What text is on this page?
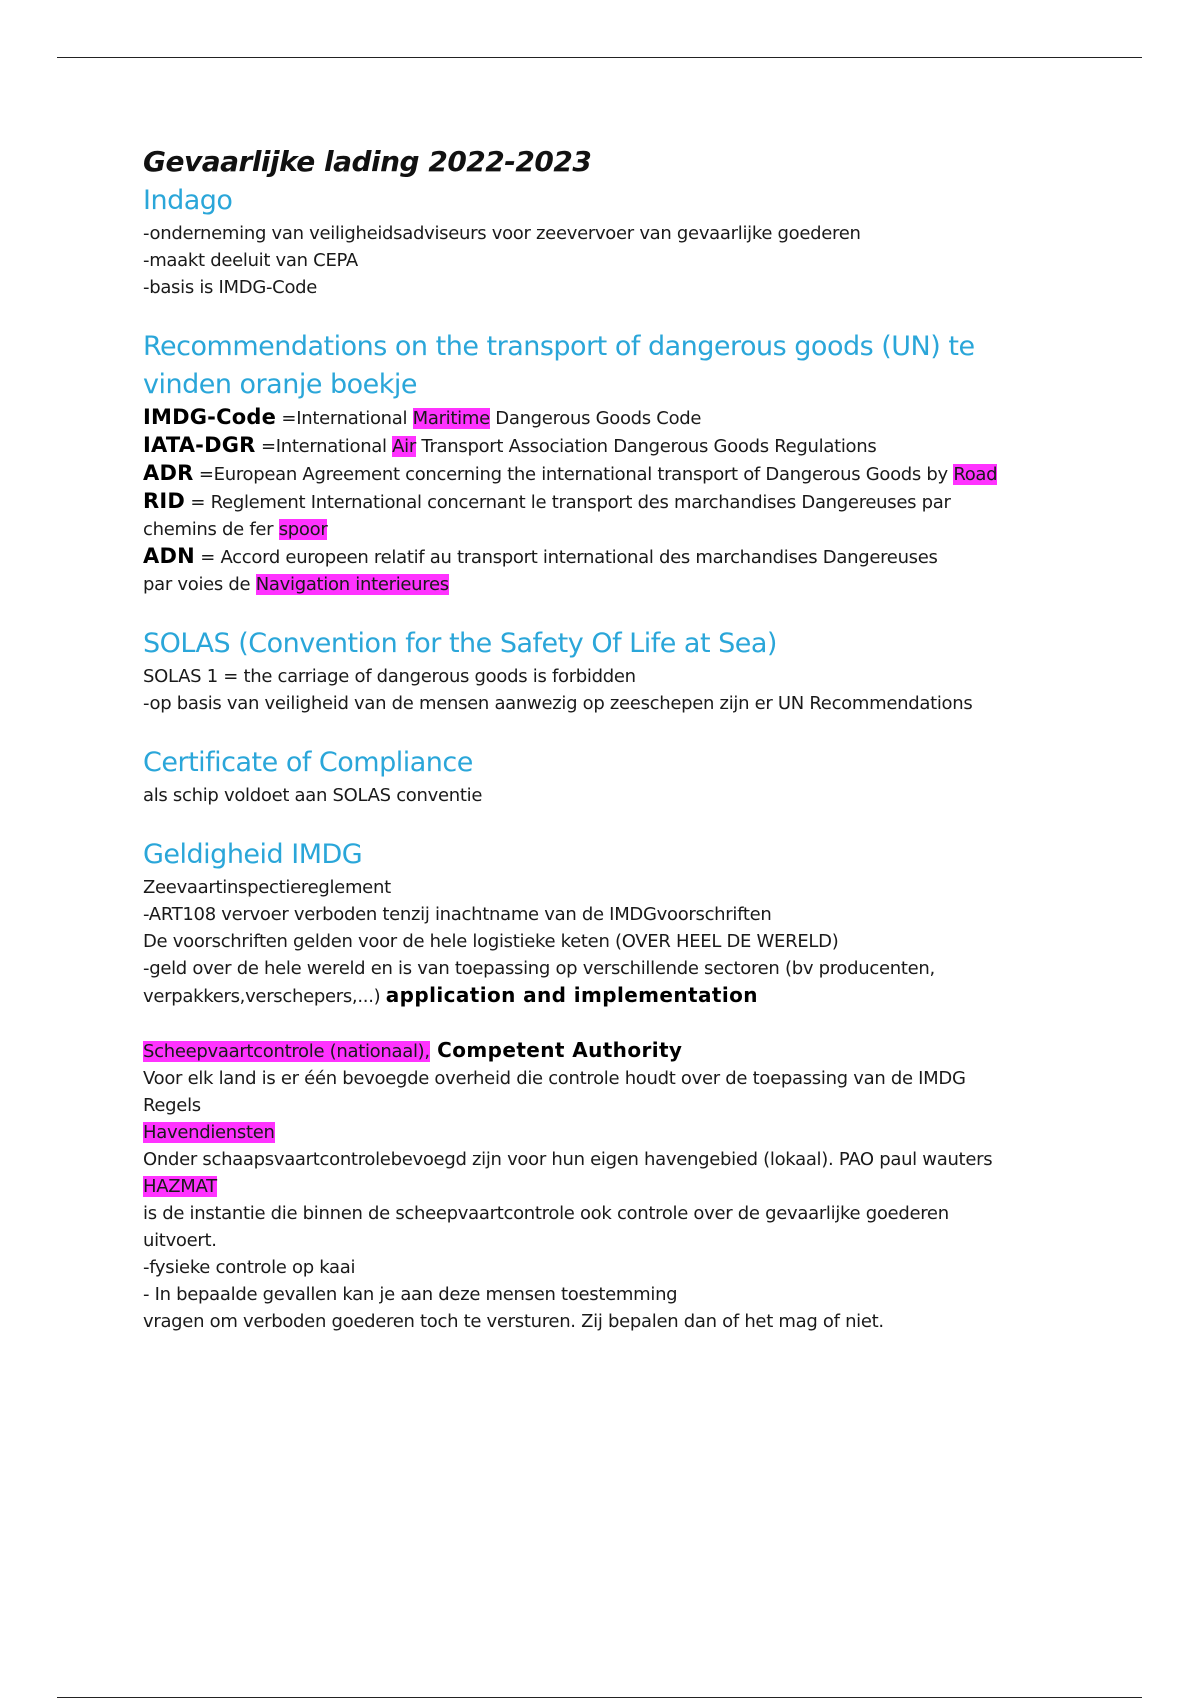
Gevaarlijke lading 2022-2023
Indago

-onderneming van veiligheidsadviseurs voor zeevervoer van gevaarlijke goederen

-maakt deeluit van CEPA

-basis is IMDG-Code

Recommendations on the transport of dangerous goods (UN) te
vinden oranje boekje

IMDG-Code =International Maritime Dangerous Goods Code

IATA-DGR =International Air Transport Association Dangerous Goods Regulations

ADR =European Agreement concerning the international transport of Dangerous Goods by Road

RID = Reglement International concernant le transport des marchandises Dangereuses par

chemins de fer spoor

ADN = Accord europeen relatif au transport international des marchandises Dangereuses

par voies de Navigation interieures

SOLAS (Convention for the Safety Of Life at Sea)

SOLAS 1 = the carriage of dangerous goods is forbidden

-op basis van veiligheid van de mensen aanwezig op zeeschepen zijn er UN Recommendations

Certificate of Compliance

als schip voldoet aan SOLAS conventie

Geldigheid IMDG

Zeevaartinspectiereglement

-ART108 vervoer verboden tenzij inachtname van de IMDGvoorschriften

De voorschriften gelden voor de hele logistieke keten (OVER HEEL DE WERELD)

-geld over de hele wereld en is van toepassing op verschillende sectoren (bv producenten,

verpakkers,verschepers,...) application and implementation

Scheepvaartcontrole (nationaal), Competent Authority

Voor elk land is er één bevoegde overheid die controle houdt over de toepassing van de IMDG

Regels

Havendiensten

Onder schaapsvaartcontrolebevoegd zijn voor hun eigen havengebied (lokaal). PAO paul wauters

HAZMAT

is de instantie die binnen de scheepvaartcontrole ook controle over de gevaarlijke goederen

uitvoert.

-fysieke controle op kaai

- In bepaalde gevallen kan je aan deze mensen toestemming

vragen om verboden goederen toch te versturen. Zij bepalen dan of het mag of niet.
